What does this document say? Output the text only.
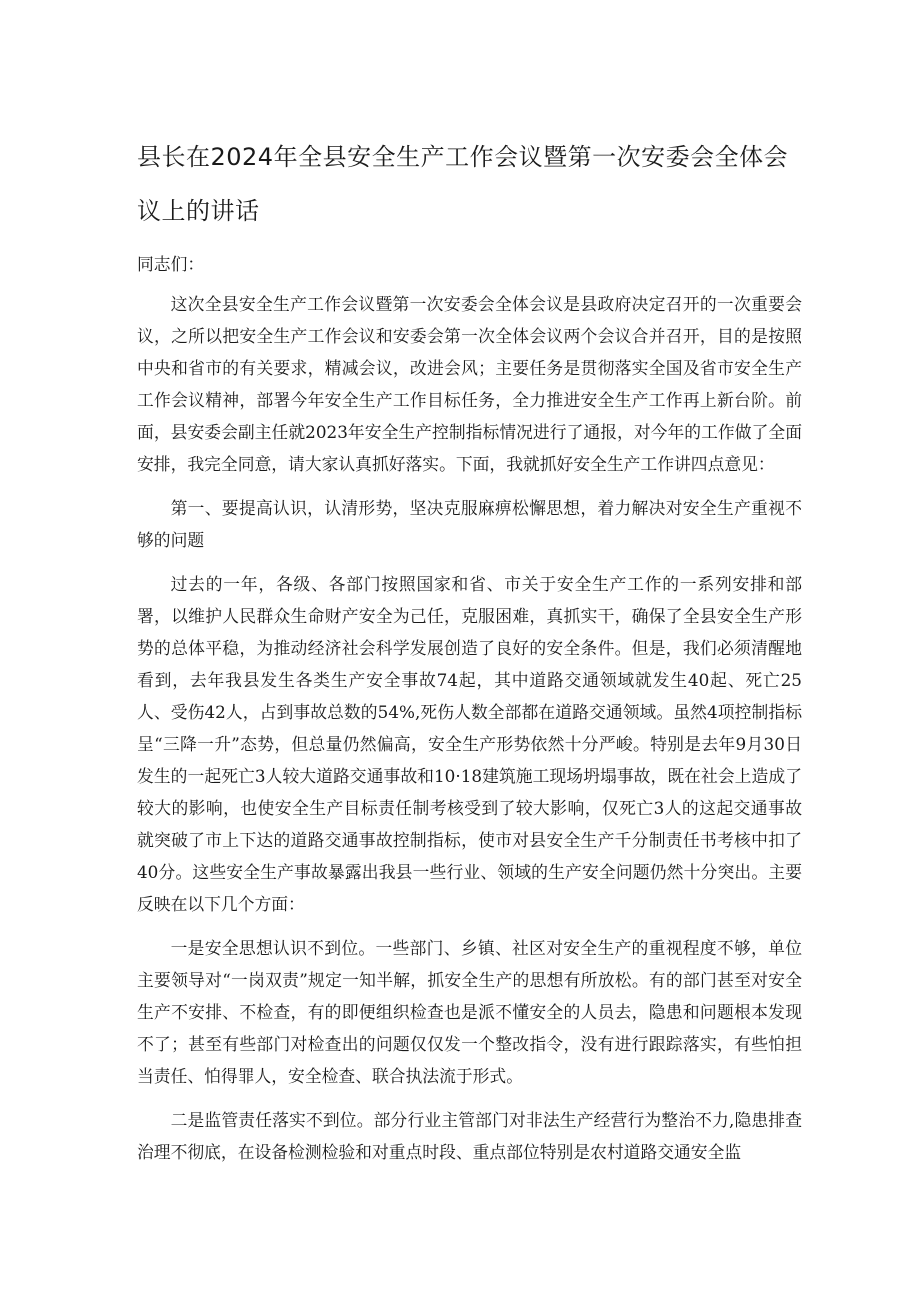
县长在2024年全县安全生产工作会议暨第一次安委会全体会议上的讲话

同志们：

这次全县安全生产工作会议暨第一次安委会全体会议是县政府决定召开的一次重要会议，之所以把安全生产工作会议和安委会第一次全体会议两个会议合并召开，目的是按照中央和省市的有关要求，精减会议，改进会风；主要任务是贯彻落实全国及省市安全生产工作会议精神，部署今年安全生产工作目标任务，全力推进安全生产工作再上新台阶。前面，县安委会副主任就2023年安全生产控制指标情况进行了通报，对今年的工作做了全面安排，我完全同意，请大家认真抓好落实。下面，我就抓好安全生产工作讲四点意见：

第一、要提高认识，认清形势，坚决克服麻痹松懈思想，着力解决对安全生产重视不够的问题

过去的一年，各级、各部门按照国家和省、市关于安全生产工作的一系列安排和部署，以维护人民群众生命财产安全为己任，克服困难，真抓实干，确保了全县安全生产形势的总体平稳，为推动经济社会科学发展创造了良好的安全条件。但是，我们必须清醒地看到，去年我县发生各类生产安全事故74起，其中道路交通领域就发生40起、死亡25人、受伤42人，占到事故总数的54%,死伤人数全部都在道路交通领域。虽然4项控制指标呈“三降一升”态势，但总量仍然偏高，安全生产形势依然十分严峻。特别是去年9月30日发生的一起死亡3人较大道路交通事故和10·18建筑施工现场坍塌事故，既在社会上造成了较大的影响，也使安全生产目标责任制考核受到了较大影响，仅死亡3人的这起交通事故就突破了市上下达的道路交通事故控制指标，使市对县安全生产千分制责任书考核中扣了40分。这些安全生产事故暴露出我县一些行业、领域的生产安全问题仍然十分突出。主要反映在以下几个方面：

一是安全思想认识不到位。一些部门、乡镇、社区对安全生产的重视程度不够，单位主要领导对“一岗双责”规定一知半解，抓安全生产的思想有所放松。有的部门甚至对安全生产不安排、不检查，有的即便组织检查也是派不懂安全的人员去，隐患和问题根本发现不了；甚至有些部门对检查出的问题仅仅发一个整改指令，没有进行跟踪落实，有些怕担当责任、怕得罪人，安全检查、联合执法流于形式。

二是监管责任落实不到位。部分行业主管部门对非法生产经营行为整治不力,隐患排查治理不彻底，在设备检测检验和对重点时段、重点部位特别是农村道路交通安全监
